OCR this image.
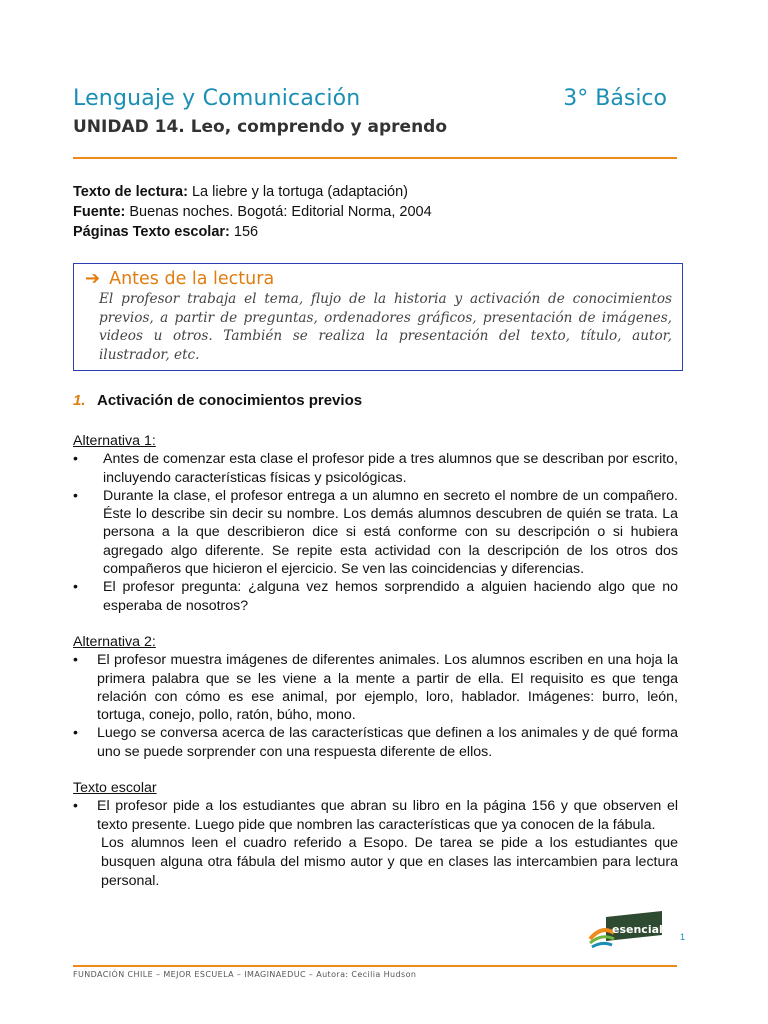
Lenguaje y Comunicación	3° Básico
UNIDAD 14. Leo, comprendo y aprendo
Texto de lectura: La liebre y la tortuga (adaptación)
Fuente: Buenas noches. Bogotá: Editorial Norma, 2004
Páginas Texto escolar: 156
➔ Antes de la lectura
El profesor trabaja el tema, flujo de la historia y activación de conocimientos previos, a partir de preguntas, ordenadores gráficos, presentación de imágenes, videos u otros. También se realiza la presentación del texto, título, autor, ilustrador, etc.
1. Activación de conocimientos previos
Alternativa 1:
•	Antes de comenzar esta clase el profesor pide a tres alumnos que se describan por escrito, incluyendo características físicas y psicológicas.
•	Durante la clase, el profesor entrega a un alumno en secreto el nombre de un compañero. Éste lo describe sin decir su nombre. Los demás alumnos descubren de quién se trata. La persona a la que describieron dice si está conforme con su descripción o si hubiera agregado algo diferente. Se repite esta actividad con la descripción de los otros dos compañeros que hicieron el ejercicio. Se ven las coincidencias y diferencias.
•	El profesor pregunta: ¿alguna vez hemos sorprendido a alguien haciendo algo que no esperaba de nosotros?
Alternativa 2:
•	El profesor muestra imágenes de diferentes animales. Los alumnos escriben en una hoja la primera palabra que se les viene a la mente a partir de ella. El requisito es que tenga relación con cómo es ese animal, por ejemplo, loro, hablador. Imágenes: burro, león, tortuga, conejo, pollo, ratón, búho, mono.
•	Luego se conversa acerca de las características que definen a los animales y de qué forma uno se puede sorprender con una respuesta diferente de ellos.
Texto escolar
•	El profesor pide a los estudiantes que abran su libro en la página 156 y que observen el texto presente. Luego pide que nombren las características que ya conocen de la fábula.
Los alumnos leen el cuadro referido a Esopo. De tarea se pide a los estudiantes que busquen alguna otra fábula del mismo autor y que en clases las intercambien para lectura personal.
esencial
1
FUNDACIÓN CHILE – MEJOR ESCUELA – IMAGINAEDUC – Autora: Cecilia Hudson
